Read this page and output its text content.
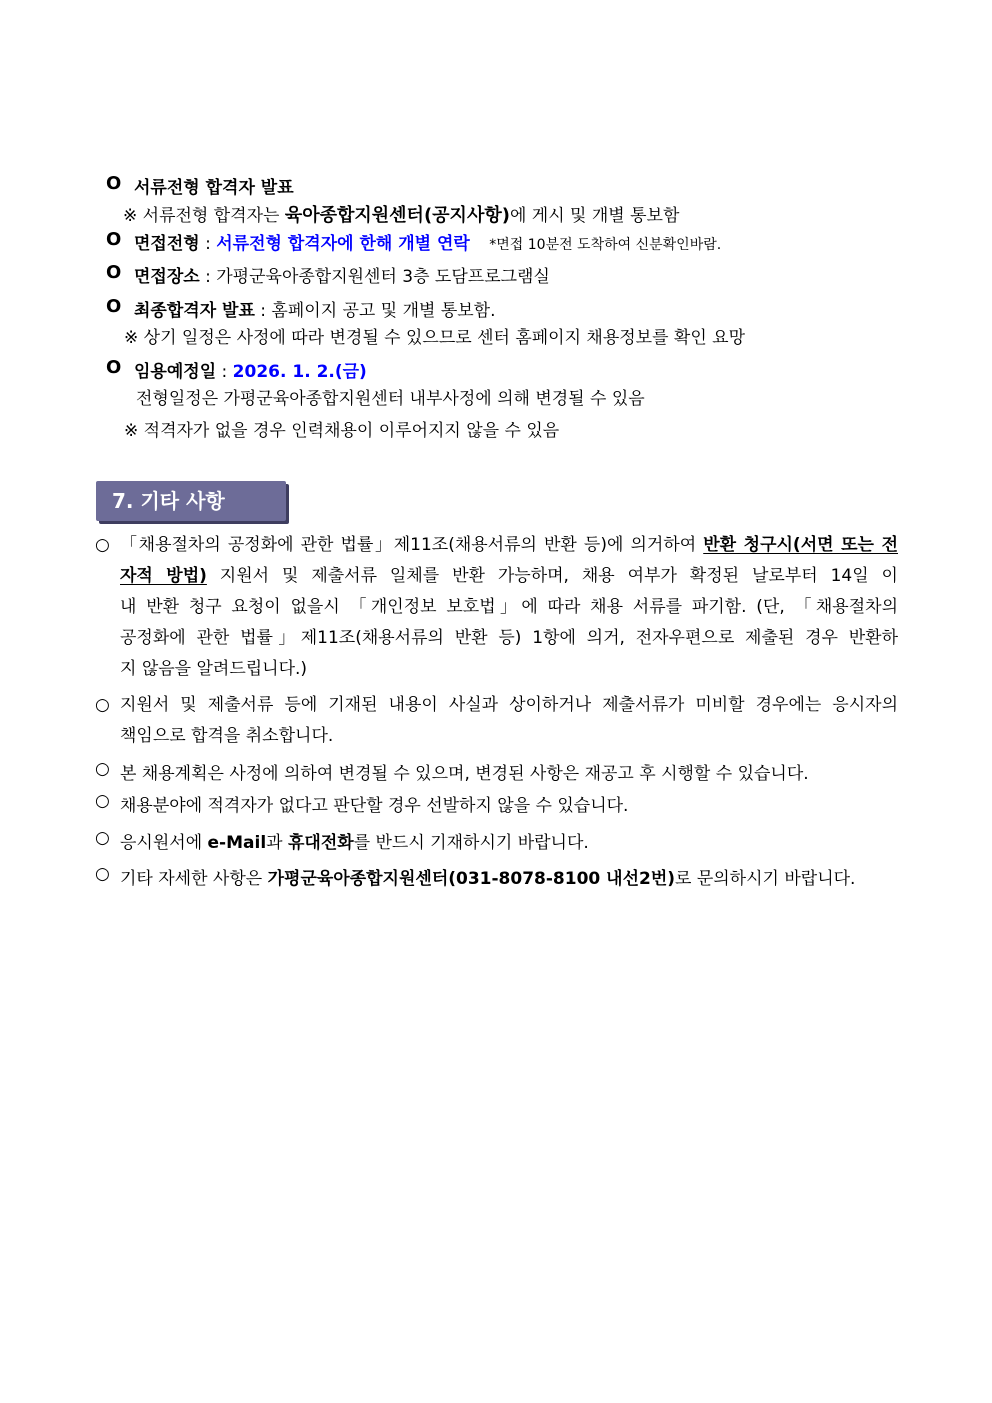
O 서류전형 합격자 발표
※ 서류전형 합격자는 육아종합지원센터(공지사항)에 게시 및 개별 통보함
O 면접전형 : 서류전형 합격자에 한해 개별 연락 *면접 10분전 도착하여 신분확인바람.
O 면접장소 : 가평군육아종합지원센터 3층 도담프로그램실
O 최종합격자 발표 : 홈페이지 공고 및 개별 통보함.
※ 상기 일정은 사정에 따라 변경될 수 있으므로 센터 홈페이지 채용정보를 확인 요망
O 임용예정일 : 2026. 1. 2.(금)
전형일정은 가평군육아종합지원센터 내부사정에 의해 변경될 수 있음
※ 적격자가 없을 경우 인력채용이 이루어지지 않을 수 있음
7. 기타 사항
○ 「채용절차의 공정화에 관한 법률」제11조(채용서류의 반환 등)에 의거하여 반환 청구시(서면 또는 전
자적 방법) 지원서 및 제출서류 일체를 반환 가능하며, 채용 여부가 확정된 날로부터 14일 이
내 반환 청구 요청이 없을시 「개인정보 보호법」에 따라 채용 서류를 파기함. (단, 「채용절차의
공정화에 관한 법률」제11조(채용서류의 반환 등) 1항에 의거, 전자우편으로 제출된 경우 반환하
지 않음을 알려드립니다.)
○ 지원서 및 제출서류 등에 기재된 내용이 사실과 상이하거나 제출서류가 미비할 경우에는 응시자의
책임으로 합격을 취소합니다.
○ 본 채용계획은 사정에 의하여 변경될 수 있으며, 변경된 사항은 재공고 후 시행할 수 있습니다.
○ 채용분야에 적격자가 없다고 판단할 경우 선발하지 않을 수 있습니다.
○ 응시원서에 e-Mail과 휴대전화를 반드시 기재하시기 바랍니다.
○ 기타 자세한 사항은 가평군육아종합지원센터(031-8078-8100 내선2번)로 문의하시기 바랍니다.
